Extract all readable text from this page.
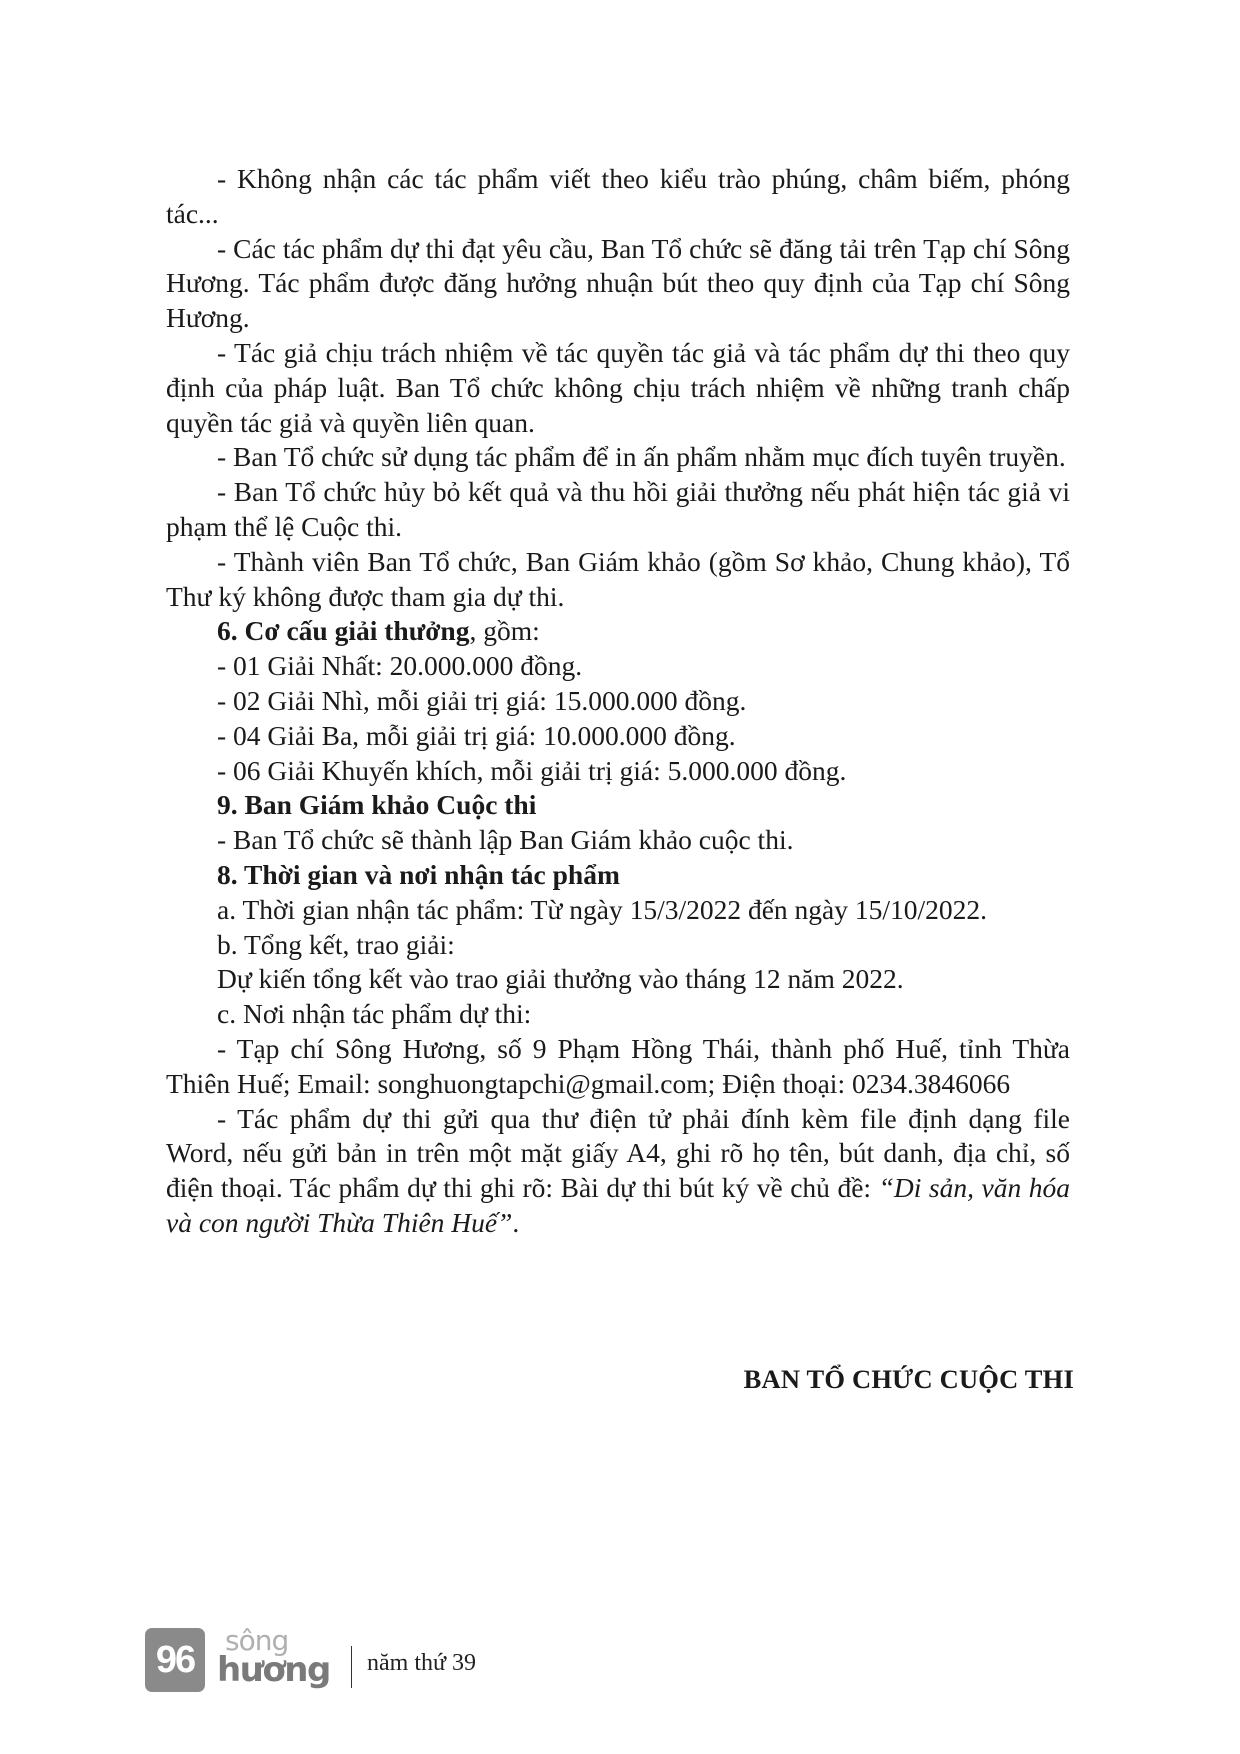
- Không nhận các tác phẩm viết theo kiểu trào phúng, châm biếm, phóng tác...

- Các tác phẩm dự thi đạt yêu cầu, Ban Tổ chức sẽ đăng tải trên Tạp chí Sông Hương. Tác phẩm được đăng hưởng nhuận bút theo quy định của Tạp chí Sông Hương.

- Tác giả chịu trách nhiệm về tác quyền tác giả và tác phẩm dự thi theo quy định của pháp luật. Ban Tổ chức không chịu trách nhiệm về những tranh chấp quyền tác giả và quyền liên quan.

- Ban Tổ chức sử dụng tác phẩm để in ấn phẩm nhằm mục đích tuyên truyền.

- Ban Tổ chức hủy bỏ kết quả và thu hồi giải thưởng nếu phát hiện tác giả vi phạm thể lệ Cuộc thi.

- Thành viên Ban Tổ chức, Ban Giám khảo (gồm Sơ khảo, Chung khảo), Tổ Thư ký không được tham gia dự thi.

6. Cơ cấu giải thưởng, gồm:

- 01 Giải Nhất: 20.000.000 đồng.

- 02 Giải Nhì, mỗi giải trị giá: 15.000.000 đồng.

- 04 Giải Ba, mỗi giải trị giá: 10.000.000 đồng.

- 06 Giải Khuyến khích, mỗi giải trị giá: 5.000.000 đồng.

9. Ban Giám khảo Cuộc thi

- Ban Tổ chức sẽ thành lập Ban Giám khảo cuộc thi.

8. Thời gian và nơi nhận tác phẩm

a. Thời gian nhận tác phẩm: Từ ngày 15/3/2022 đến ngày 15/10/2022.

b. Tổng kết, trao giải:

Dự kiến tổng kết vào trao giải thưởng vào tháng 12 năm 2022.

c. Nơi nhận tác phẩm dự thi:

- Tạp chí Sông Hương, số 9 Phạm Hồng Thái, thành phố Huế, tỉnh Thừa Thiên Huế; Email: songhuongtapchi@gmail.com; Điện thoại: 0234.3846066

- Tác phẩm dự thi gửi qua thư điện tử phải đính kèm file định dạng file Word, nếu gửi bản in trên một mặt giấy A4, ghi rõ họ tên, bút danh, địa chỉ, số điện thoại. Tác phẩm dự thi ghi rõ: Bài dự thi bút ký về chủ đề: “Di sản, văn hóa và con người Thừa Thiên Huế”.

BAN TỔ CHỨC CUỘC THI
96	sông
hương năm thứ 39
